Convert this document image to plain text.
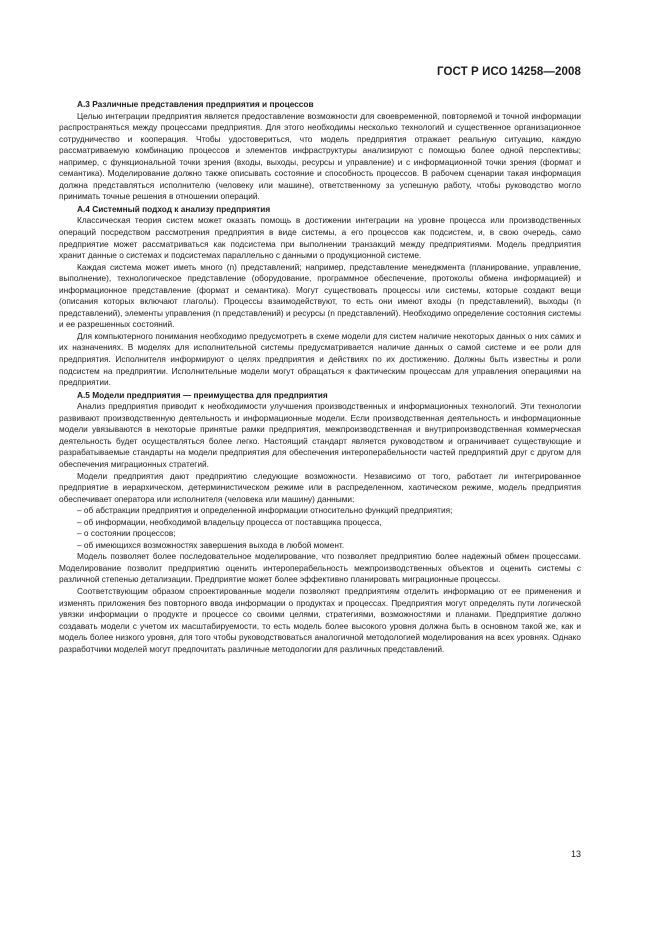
ГОСТ Р ИСО 14258—2008
A.3 Различные представления предприятия и процессов

Целью интеграции предприятия является предоставление возможности для своевременной, повторяемой и точной информации распространяться между процессами предприятия. Для этого необходимы несколько технологий и существенное организационное сотрудничество и кооперация. Чтобы удостовериться, что модель предприятия отражает реальную ситуацию, каждую рассматриваемую комбинацию процессов и элементов инфраструктуры анализируют с помощью более одной перспективы; например, с функциональной точки зрения (входы, выходы, ресурсы и управление) и с информационной точки зрения (формат и семантика). Моделирование должно также описывать состояние и способность процессов. В рабочем сценарии такая информация должна представляться исполнителю (человеку или машине), ответственному за успешную работу, чтобы руководство могло принимать точные решения в отношении операций.

A.4 Системный подход к анализу предприятия

Классическая теория систем может оказать помощь в достижении интеграции на уровне процесса или производственных операций посредством рассмотрения предприятия в виде системы, а его процессов как подсистем, и, в свою очередь, само предприятие может рассматриваться как подсистема при выполнении транзакций между предприятиями. Модель предприятия хранит данные о системах и подсистемах параллельно с данными о продукционной системе.

Каждая система может иметь много (n) представлений; например, представление менеджмента (планирование, управление, выполнение), технологическое представление (оборудование, программное обеспечение, протоколы обмена информацией) и информационное представление (формат и семантика). Могут существовать процессы или системы, которые создают вещи (описания которых включают глаголы). Процессы взаимодействуют, то есть они имеют входы (n представлений), выходы (n представлений), элементы управления (n представлений) и ресурсы (n представлений). Необходимо определение состояния системы и ее разрешенных состояний.

Для компьютерного понимания необходимо предусмотреть в схеме модели для систем наличие некоторых данных о них самих и их назначениях. В моделях для исполнительной системы предусматривается наличие данных о самой системе и ее роли для предприятия. Исполнителя информируют о целях предприятия и действиях по их достижению. Должны быть известны и роли подсистем на предприятии. Исполнительные модели могут обращаться к фактическим процессам для управления операциями на предприятии.

A.5 Модели предприятия — преимущества для предприятия

Анализ предприятия приводит к необходимости улучшения производственных и информационных технологий. Эти технологии развивают производственную деятельность и информационные модели. Если производственная деятельность и информационные модели увязываются в некоторые принятые рамки предприятия, межпроизводственная и внутрипроизводственная коммерческая деятельность будет осуществляться более легко. Настоящий стандарт является руководством и ограничивает существующие и разрабатываемые стандарты на модели предприятия для обеспечения интероперабельности частей предприятий друг с другом для обеспечения миграционных стратегий.

Модели предприятия дают предприятию следующие возможности. Независимо от того, работает ли интегрированное предприятие в иерархическом, детерминистическом режиме или в распределенном, хаотическом режиме, модель предприятия обеспечивает оператора или исполнителя (человека или машину) данными:

– об абстракции предприятия и определенной информации относительно функций предприятия;
– об информации, необходимой владельцу процесса от поставщика процесса,
– о состоянии процессов;
– об имеющихся возможностях завершения выхода в любой момент.

Модель позволяет более последовательное моделирование, что позволяет предприятию более надежный обмен процессами. Моделирование позволит предприятию оценить интероперабельность межпроизводственных объектов и оценить системы с различной степенью детализации. Предприятие может более эффективно планировать миграционные процессы.

Соответствующим образом спроектированные модели позволяют предприятиям отделить информацию от ее применения и изменять приложения без повторного ввода информации о продуктах и процессах. Предприятия могут определять пути логической увязки информации о продукте и процессе со своими целями, стратегиями, возможностями и планами. Предприятие должно создавать модели с учетом их масштабируемости, то есть модель более высокого уровня должна быть в основном такой же, как и модель более низкого уровня, для того чтобы руководствоваться аналогичной методологией моделирования на всех уровнях. Однако разработчики моделей могут предпочитать различные методологии для различных представлений.

13
